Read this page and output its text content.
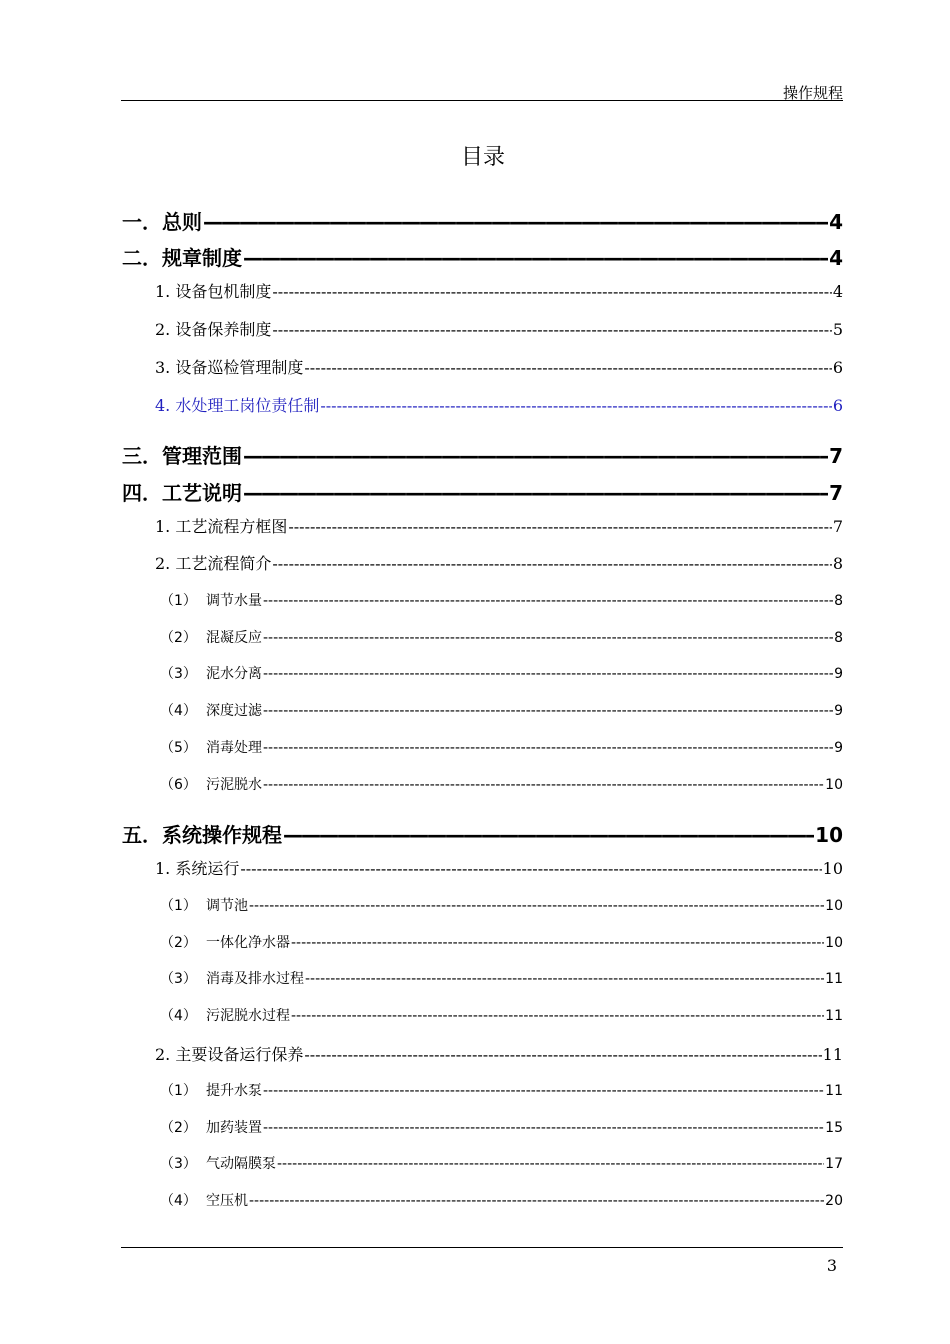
操作规程
目录
一．总则 —————	4
二．规章制度 —————	4
1. 设备包机制度 -----	4
2. 设备保养制度 -----	5
3. 设备巡检管理制度 -----	6
4. 水处理工岗位责任制 -----	6
三．管理范围 —————	7
四．工艺说明 —————	7
1. 工艺流程方框图 -----	7
2. 工艺流程简介 -----	8
（1） 调节水量 -----	8
（2） 混凝反应 -----	8
（3） 泥水分离 -----	9
（4） 深度过滤 -----	9
（5） 消毒处理 -----	9
（6） 污泥脱水 -----	10
五．系统操作规程 —————	10
1. 系统运行 -----	10
（1） 调节池 -----	10
（2） 一体化净水器 -----	10
（3） 消毒及排水过程 -----	11
（4） 污泥脱水过程 -----	11
2. 主要设备运行保养 -----	11
（1） 提升水泵 -----	11
（2） 加药装置 -----	15
（3） 气动隔膜泵 -----	17
（4） 空压机 -----	20
3
